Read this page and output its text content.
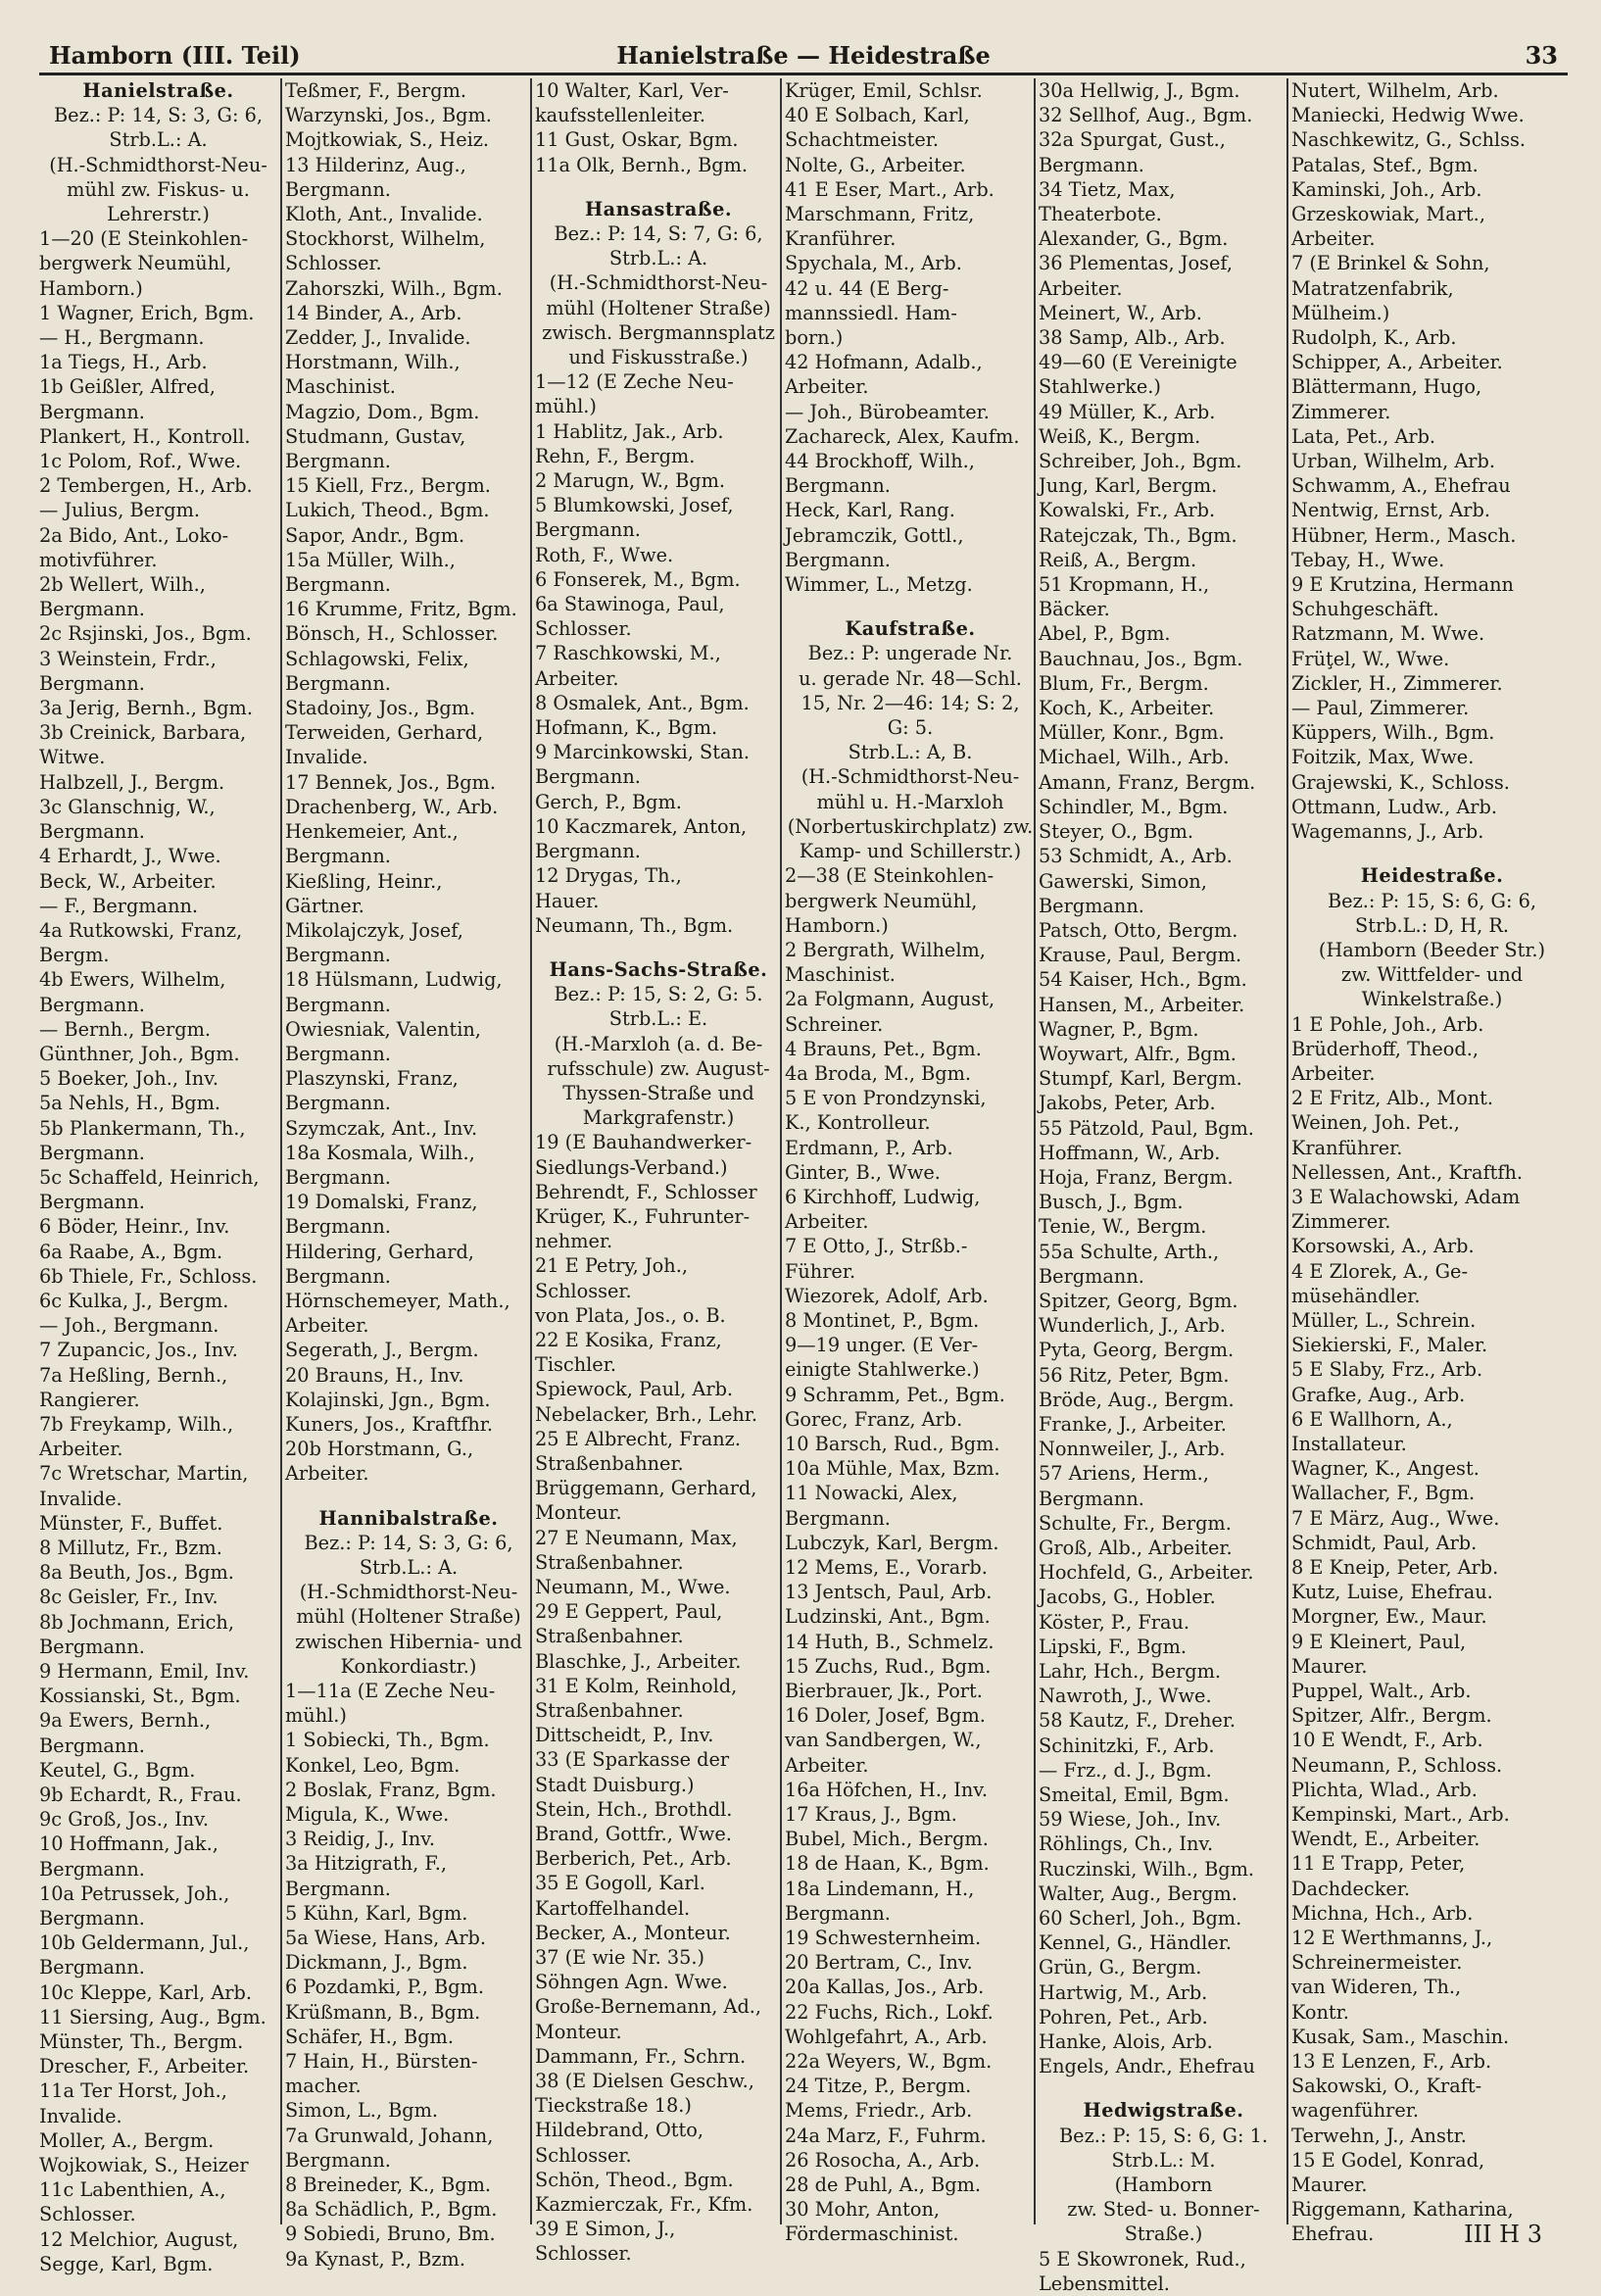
Hamborn (III. Teil)	Hanielstraße — Heidestraße	33
Hanielstraße.
Bez.: P: 14, S: 3, G: 6,
Strb.L.: A.
(H.-Schmidthorst-Neu-
mühl zw. Fiskus- u.
Lehrerstr.)
1—20 (E Steinkohlen-
bergwerk Neumühl,
Hamborn.)
1 Wagner, Erich, Bgm.
— H., Bergmann.
1a Tiegs, H., Arb.
1b Geißler, Alfred,
Bergmann.
Plankert, H., Kontroll.
1c Polom, Rof., Wwe.
2 Tembergen, H., Arb.
— Julius, Bergm.
2a Bido, Ant., Loko-
motivführer.
2b Wellert, Wilh.,
Bergmann.
2c Rsjinski, Jos., Bgm.
3 Weinstein, Frdr.,
Bergmann.
3a Jerig, Bernh., Bgm.
3b Creinick, Barbara,
Witwe.
Halbzell, J., Bergm.
3c Glanschnig, W.,
Bergmann.
4 Erhardt, J., Wwe.
Beck, W., Arbeiter.
— F., Bergmann.
4a Rutkowski, Franz,
Bergm.
4b Ewers, Wilhelm,
Bergmann.
— Bernh., Bergm.
Günthner, Joh., Bgm.
5 Boeker, Joh., Inv.
5a Nehls, H., Bgm.
5b Plankermann, Th.,
Bergmann.
5c Schaffeld, Heinrich,
Bergmann.
6 Böder, Heinr., Inv.
6a Raabe, A., Bgm.
6b Thiele, Fr., Schloss.
6c Kulka, J., Bergm.
— Joh., Bergmann.
7 Zupancic, Jos., Inv.
7a Heßling, Bernh.,
Rangierer.
7b Freykamp, Wilh.,
Arbeiter.
7c Wretschar, Martin,
Invalide.
Münster, F., Buffet.
8 Millutz, Fr., Bzm.
8a Beuth, Jos., Bgm.
8c Geisler, Fr., Inv.
8b Jochmann, Erich,
Bergmann.
9 Hermann, Emil, Inv.
Kossianski, St., Bgm.
9a Ewers, Bernh.,
Bergmann.
Keutel, G., Bgm.
9b Echardt, R., Frau.
9c Groß, Jos., Inv.
10 Hoffmann, Jak.,
Bergmann.
10a Petrussek, Joh.,
Bergmann.
10b Geldermann, Jul.,
Bergmann.
10c Kleppe, Karl, Arb.
11 Siersing, Aug., Bgm.
Münster, Th., Bergm.
Drescher, F., Arbeiter.
11a Ter Horst, Joh.,
Invalide.
Moller, A., Bergm.
Wojkowiak, S., Heizer
11c Labenthien, A.,
Schlosser.
12 Melchior, August,
Segge, Karl, Bgm.
Teßmer, F., Bergm.
Warzynski, Jos., Bgm.
Mojtkowiak, S., Heiz.
13 Hilderinz, Aug.,
Bergmann.
Kloth, Ant., Invalide.
Stockhorst, Wilhelm,
Schlosser.
Zahorszki, Wilh., Bgm.
14 Binder, A., Arb.
Zedder, J., Invalide.
Horstmann, Wilh.,
Maschinist.
Magzio, Dom., Bgm.
Studmann, Gustav,
Bergmann.
15 Kiell, Frz., Bergm.
Lukich, Theod., Bgm.
Sapor, Andr., Bgm.
15a Müller, Wilh.,
Bergmann.
16 Krumme, Fritz, Bgm.
Bönsch, H., Schlosser.
Schlagowski, Felix,
Bergmann.
Stadoiny, Jos., Bgm.
Terweiden, Gerhard,
Invalide.
17 Bennek, Jos., Bgm.
Drachenberg, W., Arb.
Henkemeier, Ant.,
Bergmann.
Kießling, Heinr.,
Gärtner.
Mikolajczyk, Josef,
Bergmann.
18 Hülsmann, Ludwig,
Bergmann.
Owiesniak, Valentin,
Bergmann.
Plaszynski, Franz,
Bergmann.
Szymczak, Ant., Inv.
18a Kosmala, Wilh.,
Bergmann.
19 Domalski, Franz,
Bergmann.
Hildering, Gerhard,
Bergmann.
Hörnschemeyer, Math.,
Arbeiter.
Segerath, J., Bergm.
20 Brauns, H., Inv.
Kolajinski, Jgn., Bgm.
Kuners, Jos., Kraftfhr.
20b Horstmann, G.,
Arbeiter.
Hannibalstraße.
Bez.: P: 14, S: 3, G: 6,
Strb.L.: A.
(H.-Schmidthorst-Neu-
mühl (Holtener Straße)
zwischen Hibernia- und
Konkordiastr.)
1—11a (E Zeche Neu-
mühl.)
1 Sobiecki, Th., Bgm.
Konkel, Leo, Bgm.
2 Boslak, Franz, Bgm.
Migula, K., Wwe.
3 Reidig, J., Inv.
3a Hitzigrath, F.,
Bergmann.
5 Kühn, Karl, Bgm.
5a Wiese, Hans, Arb.
Dickmann, J., Bgm.
6 Pozdamki, P., Bgm.
Krüßmann, B., Bgm.
Schäfer, H., Bgm.
7 Hain, H., Bürsten-
macher.
Simon, L., Bgm.
7a Grunwald, Johann,
Bergmann.
8 Breineder, K., Bgm.
8a Schädlich, P., Bgm.
9 Sobiedi, Bruno, Bm.
9a Kynast, P., Bzm.
10 Walter, Karl, Ver-
kaufsstellenleiter.
11 Gust, Oskar, Bgm.
11a Olk, Bernh., Bgm.
Hansastraße.
Bez.: P: 14, S: 7, G: 6,
Strb.L.: A.
(H.-Schmidthorst-Neu-
mühl (Holtener Straße)
zwisch. Bergmannsplatz
und Fiskusstraße.)
1—12 (E Zeche Neu-
mühl.)
1 Hablitz, Jak., Arb.
Rehn, F., Bergm.
2 Marugn, W., Bgm.
5 Blumkowski, Josef,
Bergmann.
Roth, F., Wwe.
6 Fonserek, M., Bgm.
6a Stawinoga, Paul,
Schlosser.
7 Raschkowski, M.,
Arbeiter.
8 Osmalek, Ant., Bgm.
Hofmann, K., Bgm.
9 Marcinkowski, Stan.
Bergmann.
Gerch, P., Bgm.
10 Kaczmarek, Anton,
Bergmann.
12 Drygas, Th.,
Hauer.
Neumann, Th., Bgm.
Hans-Sachs-Straße.
Bez.: P: 15, S: 2, G: 5.
Strb.L.: E.
(H.-Marxloh (a. d. Be-
rufsschule) zw. August-
Thyssen-Straße und
Markgrafenstr.)
19 (E Bauhandwerker-
Siedlungs-Verband.)
Behrendt, F., Schlosser
Krüger, K., Fuhrunter-
nehmer.
21 E Petry, Joh.,
Schlosser.
von Plata, Jos., o. B.
22 E Kosika, Franz,
Tischler.
Spiewock, Paul, Arb.
Nebelacker, Brh., Lehr.
25 E Albrecht, Franz.
Straßenbahner.
Brüggemann, Gerhard,
Monteur.
27 E Neumann, Max,
Straßenbahner.
Neumann, M., Wwe.
29 E Geppert, Paul,
Straßenbahner.
Blaschke, J., Arbeiter.
31 E Kolm, Reinhold,
Straßenbahner.
Dittscheidt, P., Inv.
33 (E Sparkasse der
Stadt Duisburg.)
Stein, Hch., Brothdl.
Brand, Gottfr., Wwe.
Berberich, Pet., Arb.
35 E Gogoll, Karl.
Kartoffelhandel.
Becker, A., Monteur.
37 (E wie Nr. 35.)
Söhngen Agn. Wwe.
Große-Bernemann, Ad.,
Monteur.
Dammann, Fr., Schrn.
38 (E Dielsen Geschw.,
Tieckstraße 18.)
Hildebrand, Otto,
Schlosser.
Schön, Theod., Bgm.
Kazmierczak, Fr., Kfm.
39 E Simon, J.,
Schlosser.
Krüger, Emil, Schlsr.
40 E Solbach, Karl,
Schachtmeister.
Nolte, G., Arbeiter.
41 E Eser, Mart., Arb.
Marschmann, Fritz,
Kranführer.
Spychala, M., Arb.
42 u. 44 (E Berg-
mannssiedl. Ham-
born.)
42 Hofmann, Adalb.,
Arbeiter.
— Joh., Bürobeamter.
Zachareck, Alex, Kaufm.
44 Brockhoff, Wilh.,
Bergmann.
Heck, Karl, Rang.
Jebramczik, Gottl.,
Bergmann.
Wimmer, L., Metzg.
Kaufstraße.
Bez.: P: ungerade Nr.
u. gerade Nr. 48—Schl.
15, Nr. 2—46: 14; S: 2,
G: 5.
Strb.L.: A, B.
(H.-Schmidthorst-Neu-
mühl u. H.-Marxloh
(Norbertuskirchplatz) zw.
Kamp- und Schillerstr.)
2—38 (E Steinkohlen-
bergwerk Neumühl,
Hamborn.)
2 Bergrath, Wilhelm,
Maschinist.
2a Folgmann, August,
Schreiner.
4 Brauns, Pet., Bgm.
4a Broda, M., Bgm.
5 E von Prondzynski,
K., Kontrolleur.
Erdmann, P., Arb.
Ginter, B., Wwe.
6 Kirchhoff, Ludwig,
Arbeiter.
7 E Otto, J., Strßb.-
Führer.
Wiezorek, Adolf, Arb.
8 Montinet, P., Bgm.
9—19 unger. (E Ver-
einigte Stahlwerke.)
9 Schramm, Pet., Bgm.
Gorec, Franz, Arb.
10 Barsch, Rud., Bgm.
10a Mühle, Max, Bzm.
11 Nowacki, Alex,
Bergmann.
Lubczyk, Karl, Bergm.
12 Mems, E., Vorarb.
13 Jentsch, Paul, Arb.
Ludzinski, Ant., Bgm.
14 Huth, B., Schmelz.
15 Zuchs, Rud., Bgm.
Bierbrauer, Jk., Port.
16 Doler, Josef, Bgm.
van Sandbergen, W.,
Arbeiter.
16a Höfchen, H., Inv.
17 Kraus, J., Bgm.
Bubel, Mich., Bergm.
18 de Haan, K., Bgm.
18a Lindemann, H.,
Bergmann.
19 Schwesternheim.
20 Bertram, C., Inv.
20a Kallas, Jos., Arb.
22 Fuchs, Rich., Lokf.
Wohlgefahrt, A., Arb.
22a Weyers, W., Bgm.
24 Titze, P., Bergm.
Mems, Friedr., Arb.
24a Marz, F., Fuhrm.
26 Rosocha, A., Arb.
28 de Puhl, A., Bgm.
30 Mohr, Anton,
Fördermaschinist.
30a Hellwig, J., Bgm.
32 Sellhof, Aug., Bgm.
32a Spurgat, Gust.,
Bergmann.
34 Tietz, Max,
Theaterbote.
Alexander, G., Bgm.
36 Plementas, Josef,
Arbeiter.
Meinert, W., Arb.
38 Samp, Alb., Arb.
49—60 (E Vereinigte
Stahlwerke.)
49 Müller, K., Arb.
Weiß, K., Bergm.
Schreiber, Joh., Bgm.
Jung, Karl, Bergm.
Kowalski, Fr., Arb.
Ratejczak, Th., Bgm.
Reiß, A., Bergm.
51 Kropmann, H.,
Bäcker.
Abel, P., Bgm.
Bauchnau, Jos., Bgm.
Blum, Fr., Bergm.
Koch, K., Arbeiter.
Müller, Konr., Bgm.
Michael, Wilh., Arb.
Amann, Franz, Bergm.
Schindler, M., Bgm.
Steyer, O., Bgm.
53 Schmidt, A., Arb.
Gawerski, Simon,
Bergmann.
Patsch, Otto, Bergm.
Krause, Paul, Bergm.
54 Kaiser, Hch., Bgm.
Hansen, M., Arbeiter.
Wagner, P., Bgm.
Woywart, Alfr., Bgm.
Stumpf, Karl, Bergm.
Jakobs, Peter, Arb.
55 Pätzold, Paul, Bgm.
Hoffmann, W., Arb.
Hoja, Franz, Bergm.
Busch, J., Bgm.
Tenie, W., Bergm.
55a Schulte, Arth.,
Bergmann.
Spitzer, Georg, Bgm.
Wunderlich, J., Arb.
Pyta, Georg, Bergm.
56 Ritz, Peter, Bgm.
Bröde, Aug., Bergm.
Franke, J., Arbeiter.
Nonnweiler, J., Arb.
57 Ariens, Herm.,
Bergmann.
Schulte, Fr., Bergm.
Groß, Alb., Arbeiter.
Hochfeld, G., Arbeiter.
Jacobs, G., Hobler.
Köster, P., Frau.
Lipski, F., Bgm.
Lahr, Hch., Bergm.
Nawroth, J., Wwe.
58 Kautz, F., Dreher.
Schinitzki, F., Arb.
— Frz., d. J., Bgm.
Smeital, Emil, Bgm.
59 Wiese, Joh., Inv.
Röhlings, Ch., Inv.
Ruczinski, Wilh., Bgm.
Walter, Aug., Bergm.
60 Scherl, Joh., Bgm.
Kennel, G., Händler.
Grün, G., Bergm.
Hartwig, M., Arb.
Pohren, Pet., Arb.
Hanke, Alois, Arb.
Engels, Andr., Ehefrau
Hedwigstraße.
Bez.: P: 15, S: 6, G: 1.
Strb.L.: M.
(Hamborn
zw. Sted- u. Bonner-
Straße.)
5 E Skowronek, Rud.,
Lebensmittel.
Nutert, Wilhelm, Arb.
Maniecki, Hedwig Wwe.
Naschkewitz, G., Schlss.
Patalas, Stef., Bgm.
Kaminski, Joh., Arb.
Grzeskowiak, Mart.,
Arbeiter.
7 (E Brinkel & Sohn,
Matratzenfabrik,
Mülheim.)
Rudolph, K., Arb.
Schipper, A., Arbeiter.
Blättermann, Hugo,
Zimmerer.
Lata, Pet., Arb.
Urban, Wilhelm, Arb.
Schwamm, A., Ehefrau
Nentwig, Ernst, Arb.
Hübner, Herm., Masch.
Tebay, H., Wwe.
9 E Krutzina, Hermann
Schuhgeschäft.
Ratzmann, M. Wwe.
Früţel, W., Wwe.
Zickler, H., Zimmerer.
— Paul, Zimmerer.
Küppers, Wilh., Bgm.
Foitzik, Max, Wwe.
Grajewski, K., Schloss.
Ottmann, Ludw., Arb.
Wagemanns, J., Arb.
Heidestraße.
Bez.: P: 15, S: 6, G: 6,
Strb.L.: D, H, R.
(Hamborn (Beeder Str.)
zw. Wittfelder- und
Winkelstraße.)
1 E Pohle, Joh., Arb.
Brüderhoff, Theod.,
Arbeiter.
2 E Fritz, Alb., Mont.
Weinen, Joh. Pet.,
Kranführer.
Nellessen, Ant., Kraftfh.
3 E Walachowski, Adam
Zimmerer.
Korsowski, A., Arb.
4 E Zlorek, A., Ge-
müsehändler.
Müller, L., Schrein.
Siekierski, F., Maler.
5 E Slaby, Frz., Arb.
Grafke, Aug., Arb.
6 E Wallhorn, A.,
Installateur.
Wagner, K., Angest.
Wallacher, F., Bgm.
7 E März, Aug., Wwe.
Schmidt, Paul, Arb.
8 E Kneip, Peter, Arb.
Kutz, Luise, Ehefrau.
Morgner, Ew., Maur.
9 E Kleinert, Paul,
Maurer.
Puppel, Walt., Arb.
Spitzer, Alfr., Bergm.
10 E Wendt, F., Arb.
Neumann, P., Schloss.
Plichta, Wlad., Arb.
Kempinski, Mart., Arb.
Wendt, E., Arbeiter.
11 E Trapp, Peter,
Dachdecker.
Michna, Hch., Arb.
12 E Werthmanns, J.,
Schreinermeister.
van Wideren, Th.,
Kontr.
Kusak, Sam., Maschin.
13 E Lenzen, F., Arb.
Sakowski, O., Kraft-
wagenführer.
Terwehn, J., Anstr.
15 E Godel, Konrad,
Maurer.
Riggemann, Katharina,
Ehefrau.	III H 3
